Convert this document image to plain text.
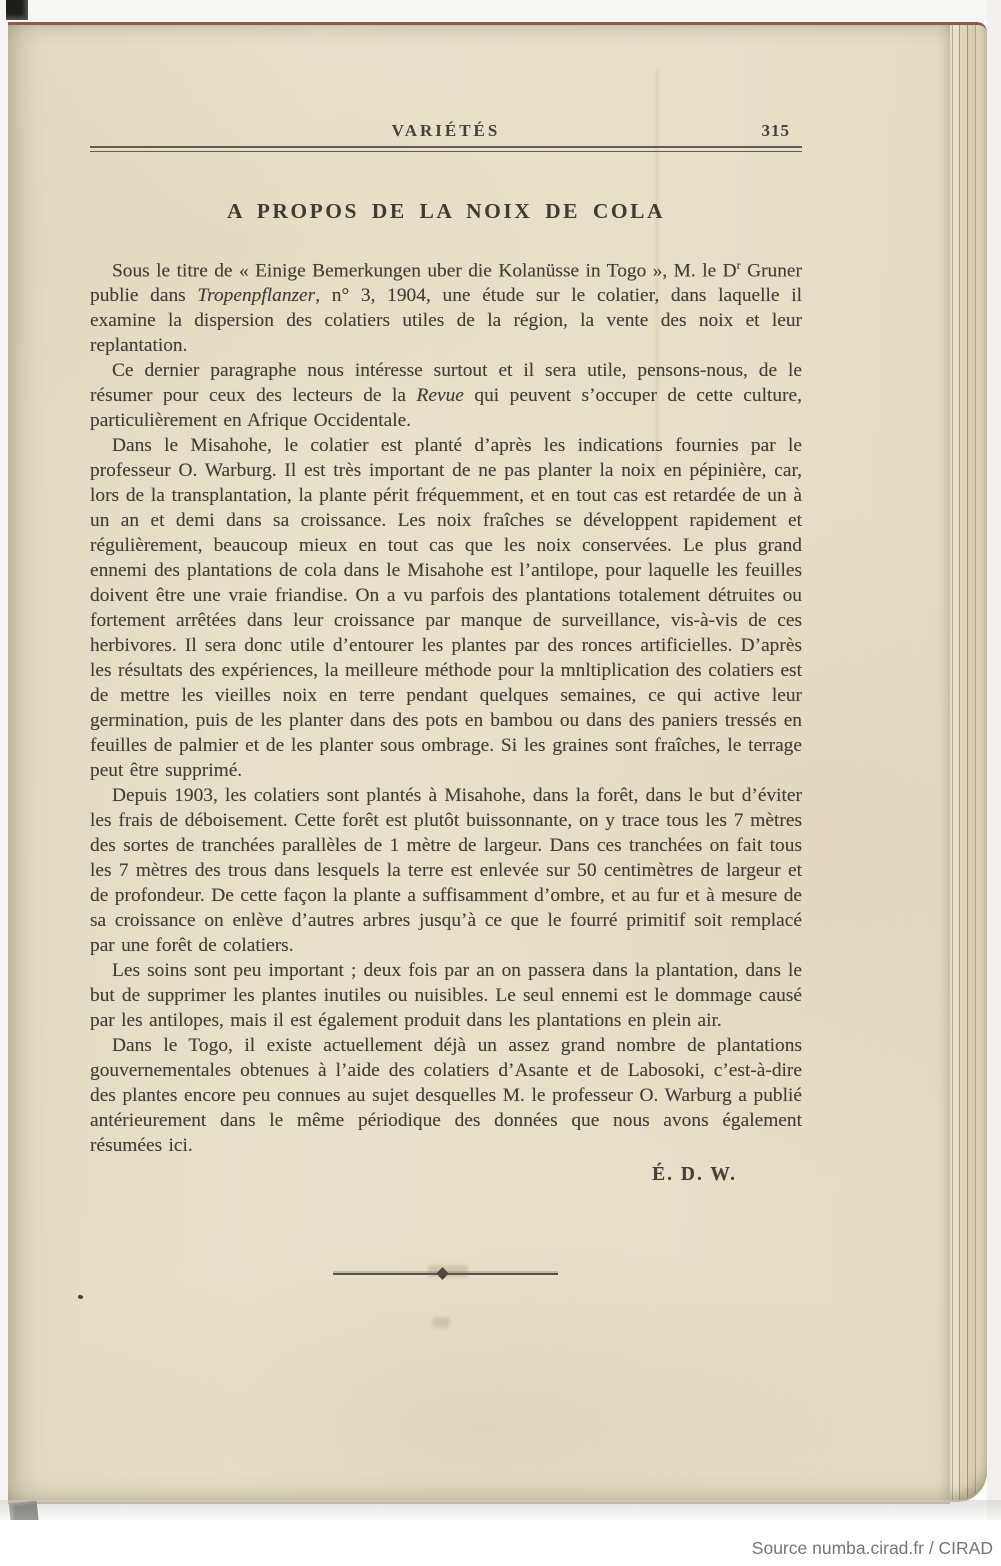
VARIÉTÉS	315
A PROPOS DE LA NOIX DE COLA

Sous le titre de « Einige Bemerkungen uber die Kolanüsse in Togo », M. le $D^r$ Gruner publie dans Tropenpflanzer, n° 3, 1904, une étude sur le colatier, dans laquelle il examine la dispersion des colatiers utiles de la région, la vente des noix et leur replantation.

Ce dernier paragraphe nous intéresse surtout et il sera utile, pensons-nous, de le résumer pour ceux des lecteurs de la Revue qui peuvent s’occuper de cette culture, particulièrement en Afrique Occidentale.

Dans le Misahohe, le colatier est planté d’après les indications fournies par le professeur O. Warburg. Il est très important de ne pas planter la noix en pépinière, car, lors de la transplantation, la plante périt fréquemment, et en tout cas est retardée de un à un an et demi dans sa croissance. Les noix fraîches se développent rapidement et régulièrement, beaucoup mieux en tout cas que les noix conservées. Le plus grand ennemi des plantations de cola dans le Misahohe est l’antilope, pour laquelle les feuilles doivent être une vraie friandise. On a vu parfois des plantations totalement détruites ou fortement arrêtées dans leur croissance par manque de surveillance, vis-à-vis de ces herbivores. Il sera donc utile d’entourer les plantes par des ronces artificielles. D’après les résultats des expériences, la meilleure méthode pour la mnltiplication des colatiers est de mettre les vieilles noix en terre pendant quelques semaines, ce qui active leur germination, puis de les planter dans des pots en bambou ou dans des paniers tressés en feuilles de palmier et de les planter sous ombrage. Si les graines sont fraîches, le terrage peut être supprimé.

Depuis 1903, les colatiers sont plantés à Misahohe, dans la forêt, dans le but d’éviter les frais de déboisement. Cette forêt est plutôt buissonnante, on y trace tous les 7 mètres des sortes de tranchées parallèles de 1 mètre de largeur. Dans ces tranchées on fait tous les 7 mètres des trous dans lesquels la terre est enlevée sur 50 centimètres de largeur et de profondeur. De cette façon la plante a suffisamment d’ombre, et au fur et à mesure de sa croissance on enlève d’autres arbres jusqu’à ce que le fourré primitif soit remplacé par une forêt de colatiers.

Les soins sont peu important ; deux fois par an on passera dans la plantation, dans le but de supprimer les plantes inutiles ou nuisibles. Le seul ennemi est le dommage causé par les antilopes, mais il est également produit dans les plantations en plein air.

Dans le Togo, il existe actuellement déjà un assez grand nombre de plantations gouvernementales obtenues à l’aide des colatiers d’Asante et de Labosoki, c’est-à-dire des plantes encore peu connues au sujet desquelles M. le professeur O. Warburg a publié antérieurement dans le même périodique des données que nous avons également résumées ici.

É. D. W.
Source numba.cirad.fr / CIRAD
